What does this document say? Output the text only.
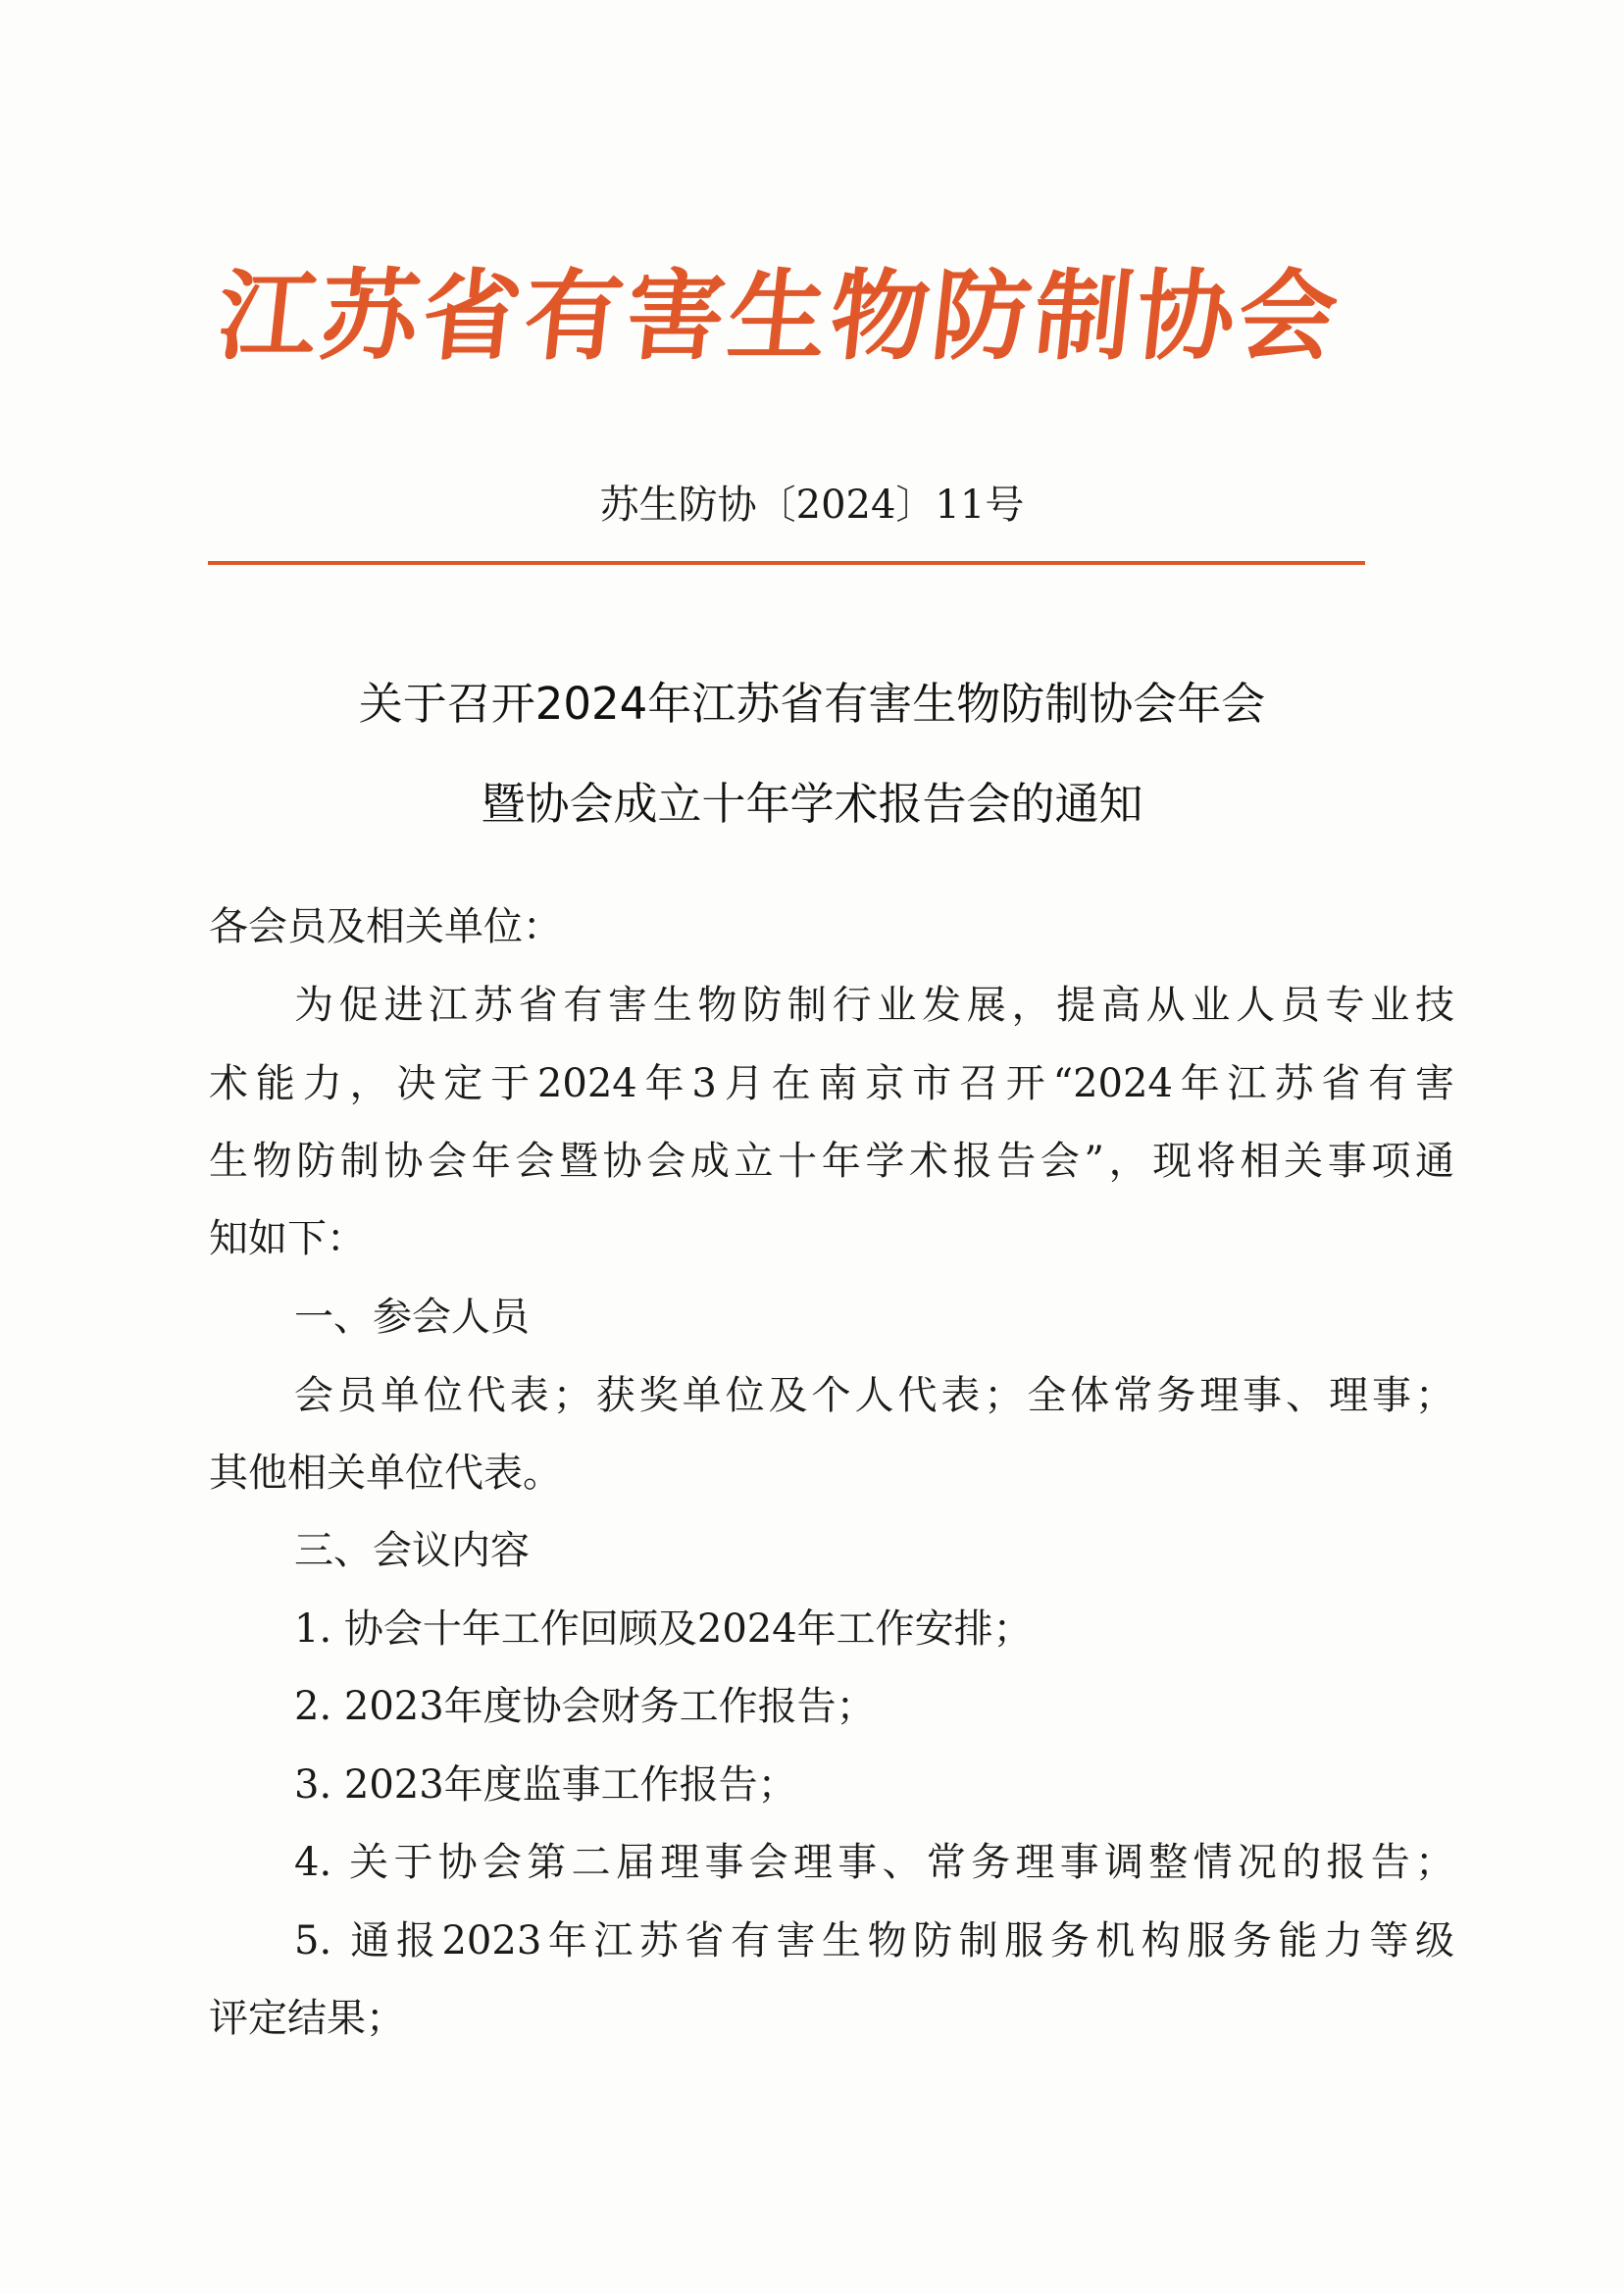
江苏省有害生物防制协会
苏生防协〔2024〕11号
关于召开2024年江苏省有害生物防制协会年会
暨协会成立十年学术报告会的通知
各会员及相关单位：
为促进江苏省有害生物防制行业发展，提高从业人员专业技
术能力，决定于2024年3月在南京市召开“2024年江苏省有害
生物防制协会年会暨协会成立十年学术报告会”，现将相关事项通
知如下：
一、参会人员
会员单位代表；获奖单位及个人代表；全体常务理事、理事；
其他相关单位代表。
三、会议内容
1. 协会十年工作回顾及2024年工作安排；
2. 2023年度协会财务工作报告；
3. 2023年度监事工作报告；
4. 关于协会第二届理事会理事、常务理事调整情况的报告；
5. 通报2023年江苏省有害生物防制服务机构服务能力等级
评定结果；
